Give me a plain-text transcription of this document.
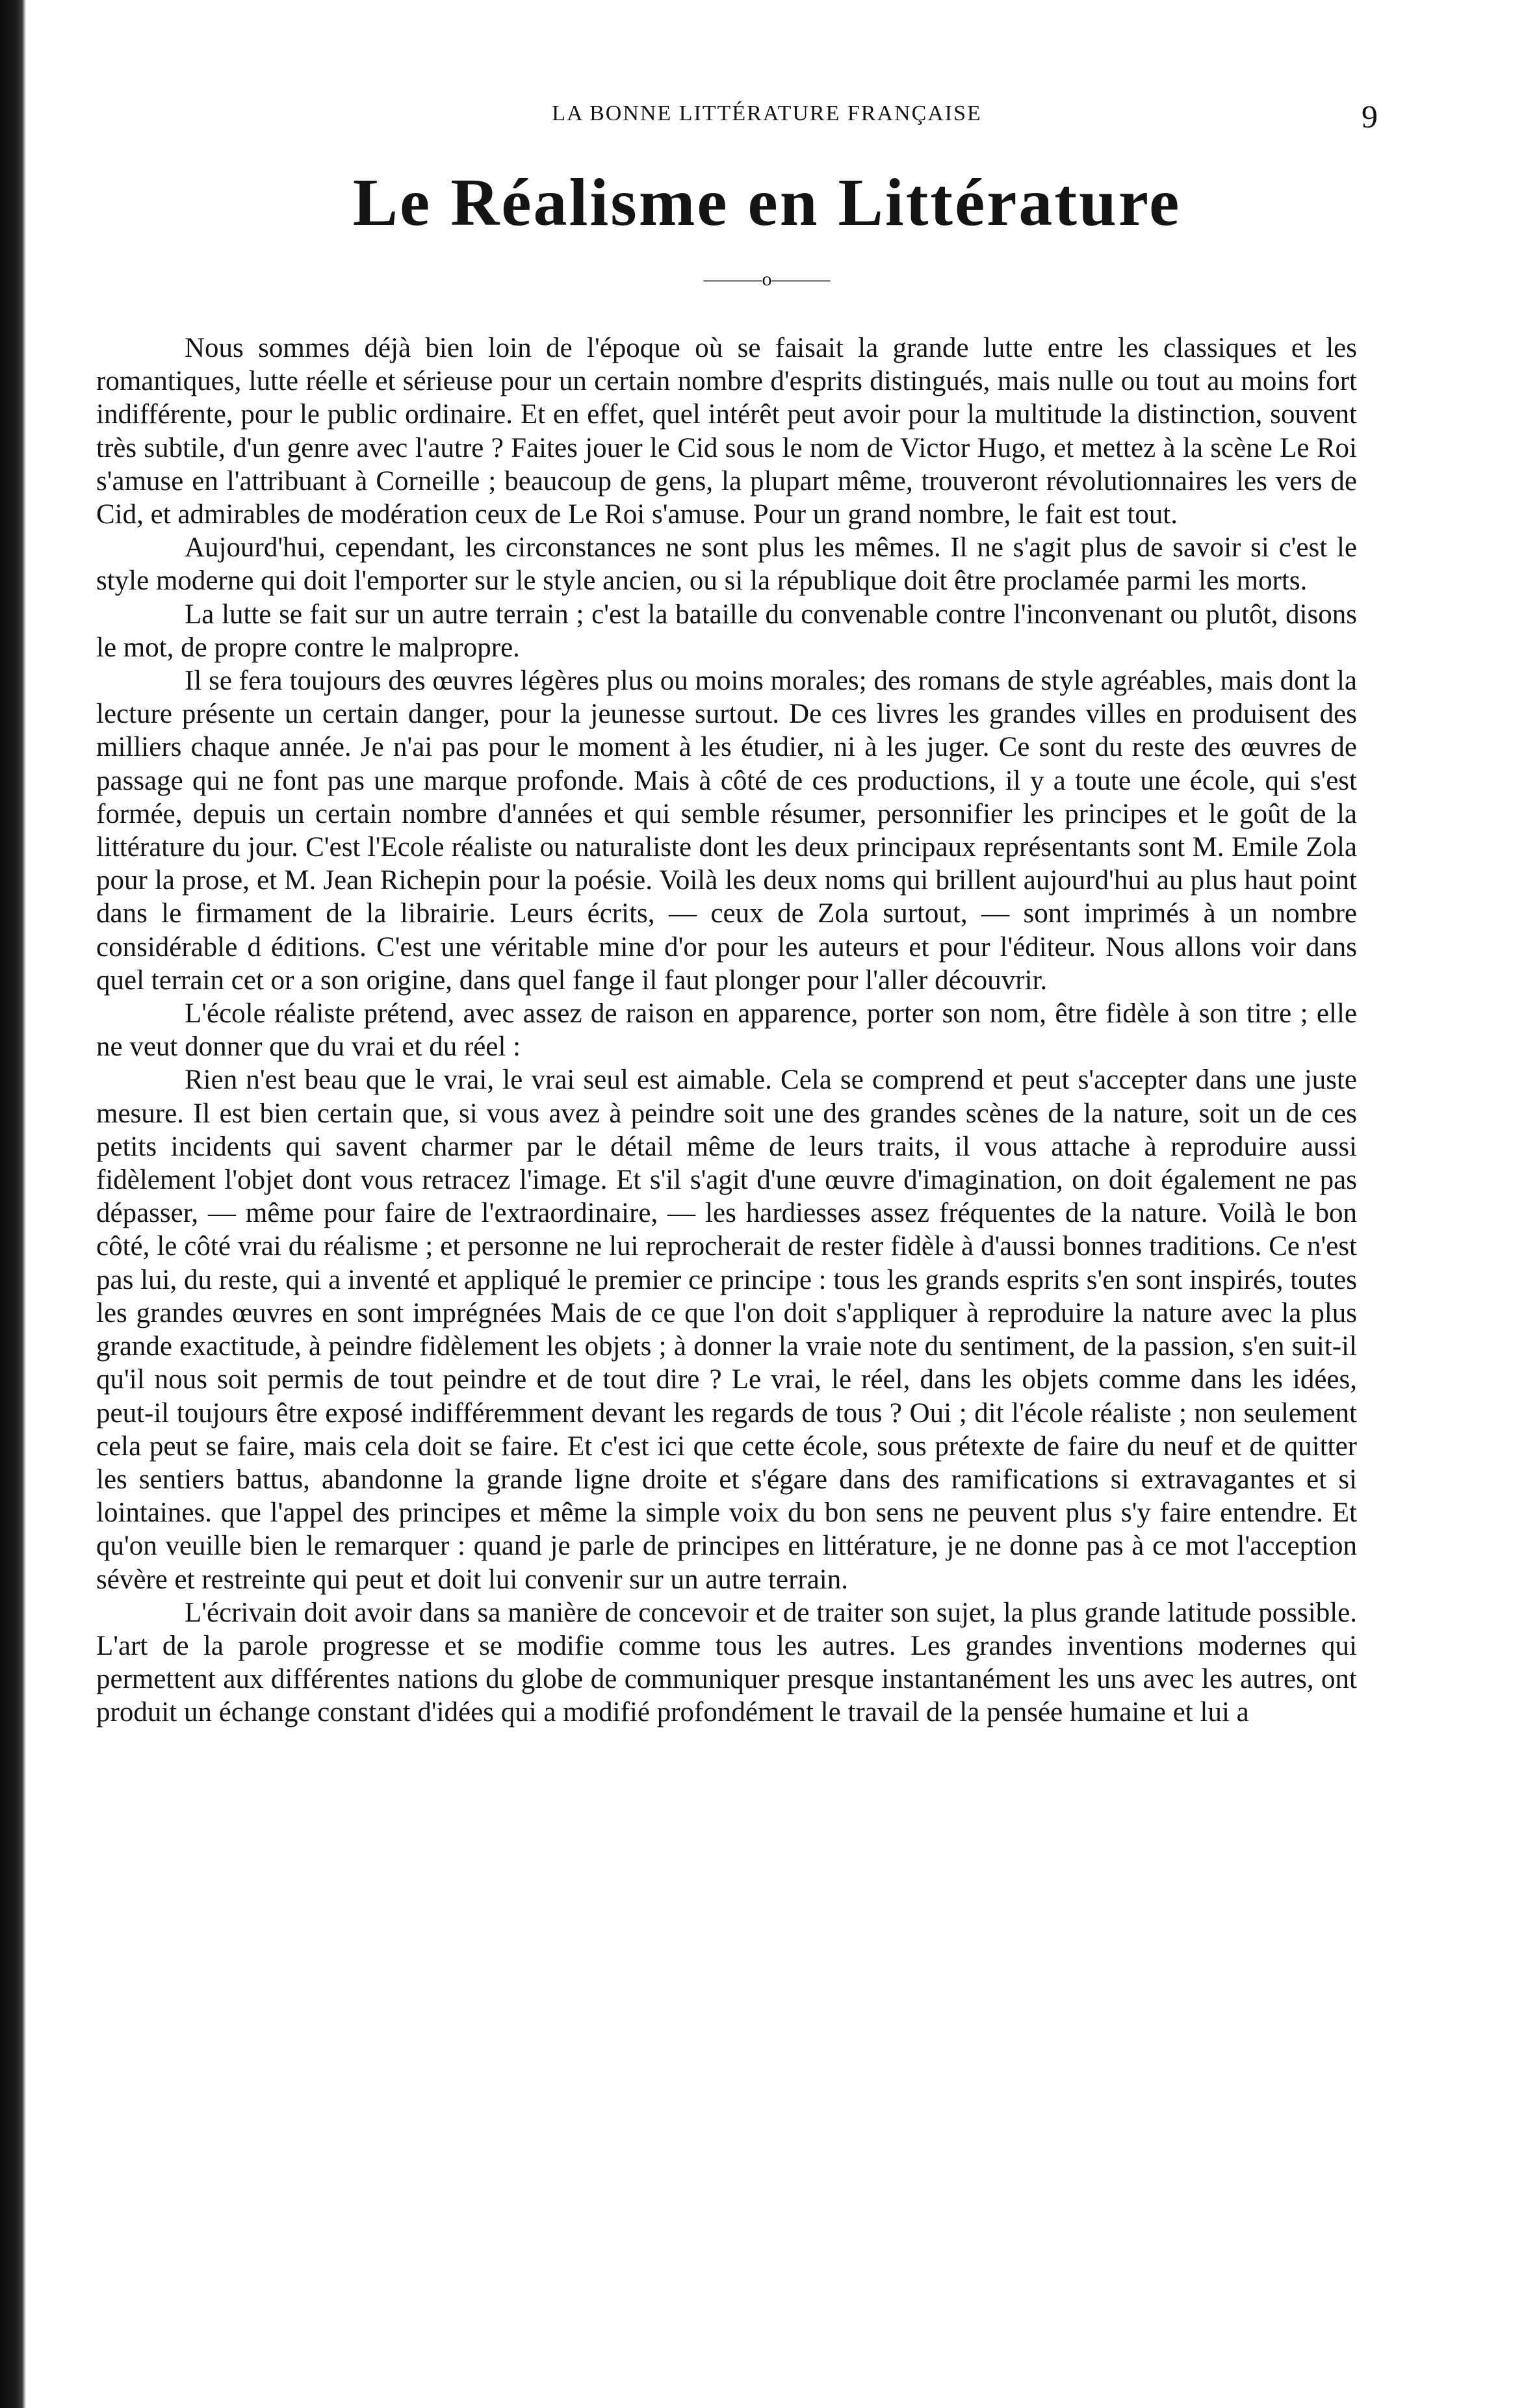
LA BONNE LITTÉRATURE FRANÇAISE	9
Le Réalisme en Littérature
———o———

Nous sommes déjà bien loin de l'époque où se faisait la grande lutte entre les classiques et les romantiques, lutte réelle et sérieuse pour un certain nombre d'esprits distingués, mais nulle ou tout au moins fort indifférente, pour le public ordinaire. Et en effet, quel intérêt peut avoir pour la multitude la distinction, souvent très subtile, d'un genre avec l'autre ? Faites jouer le Cid sous le nom de Victor Hugo, et mettez à la scène Le Roi s'amuse en l'attribuant à Corneille ; beaucoup de gens, la plupart même, trouveront révolutionnaires les vers de Cid, et admirables de modération ceux de Le Roi s'amuse. Pour un grand nombre, le fait est tout.

Aujourd'hui, cependant, les circonstances ne sont plus les mêmes. Il ne s'agit plus de savoir si c'est le style moderne qui doit l'emporter sur le style ancien, ou si la république doit être proclamée parmi les morts.

La lutte se fait sur un autre terrain ; c'est la bataille du convenable contre l'inconvenant ou plutôt, disons le mot, de propre contre le malpropre.

Il se fera toujours des œuvres légères plus ou moins morales; des romans de style agréables, mais dont la lecture présente un certain danger, pour la jeunesse surtout. De ces livres les grandes villes en produisent des milliers chaque année. Je n'ai pas pour le moment à les étudier, ni à les juger. Ce sont du reste des œuvres de passage qui ne font pas une marque profonde. Mais à côté de ces productions, il y a toute une école, qui s'est formée, depuis un certain nombre d'années et qui semble résumer, personnifier les principes et le goût de la littérature du jour. C'est l'Ecole réaliste ou naturaliste dont les deux principaux représentants sont M. Emile Zola pour la prose, et M. Jean Richepin pour la poésie. Voilà les deux noms qui brillent aujourd'hui au plus haut point dans le firmament de la librairie. Leurs écrits, — ceux de Zola surtout, — sont imprimés à un nombre considérable d éditions. C'est une véritable mine d'or pour les auteurs et pour l'éditeur. Nous allons voir dans quel terrain cet or a son origine, dans quel fange il faut plonger pour l'aller découvrir.

L'école réaliste prétend, avec assez de raison en apparence, porter son nom, être fidèle à son titre ; elle ne veut donner que du vrai et du réel :

Rien n'est beau que le vrai, le vrai seul est aimable. Cela se comprend et peut s'accepter dans une juste mesure. Il est bien certain que, si vous avez à peindre soit une des grandes scènes de la nature, soit un de ces petits incidents qui savent charmer par le détail même de leurs traits, il vous attache à reproduire aussi fidèlement l'objet dont vous retracez l'image. Et s'il s'agit d'une œuvre d'imagination, on doit également ne pas dépasser, — même pour faire de l'extraordinaire, — les hardiesses assez fréquentes de la nature. Voilà le bon côté, le côté vrai du réalisme ; et personne ne lui reprocherait de rester fidèle à d'aussi bonnes traditions. Ce n'est pas lui, du reste, qui a inventé et appliqué le premier ce principe : tous les grands esprits s'en sont inspirés, toutes les grandes œuvres en sont imprégnées Mais de ce que l'on doit s'appliquer à reproduire la nature avec la plus grande exactitude, à peindre fidèlement les objets ; à donner la vraie note du sentiment, de la passion, s'en suit-il qu'il nous soit permis de tout peindre et de tout dire ? Le vrai, le réel, dans les objets comme dans les idées, peut-il toujours être exposé indifféremment devant les regards de tous ? Oui ; dit l'école réaliste ; non seulement cela peut se faire, mais cela doit se faire. Et c'est ici que cette école, sous prétexte de faire du neuf et de quitter les sentiers battus, abandonne la grande ligne droite et s'égare dans des ramifications si extravagantes et si lointaines. que l'appel des principes et même la simple voix du bon sens ne peuvent plus s'y faire entendre. Et qu'on veuille bien le remarquer : quand je parle de principes en littérature, je ne donne pas à ce mot l'acception sévère et restreinte qui peut et doit lui convenir sur un autre terrain.

L'écrivain doit avoir dans sa manière de concevoir et de traiter son sujet, la plus grande latitude possible. L'art de la parole progresse et se modifie comme tous les autres. Les grandes inventions modernes qui permettent aux différentes nations du globe de communiquer presque instantanément les uns avec les autres, ont produit un échange constant d'idées qui a modifié profondément le travail de la pensée humaine et lui a
